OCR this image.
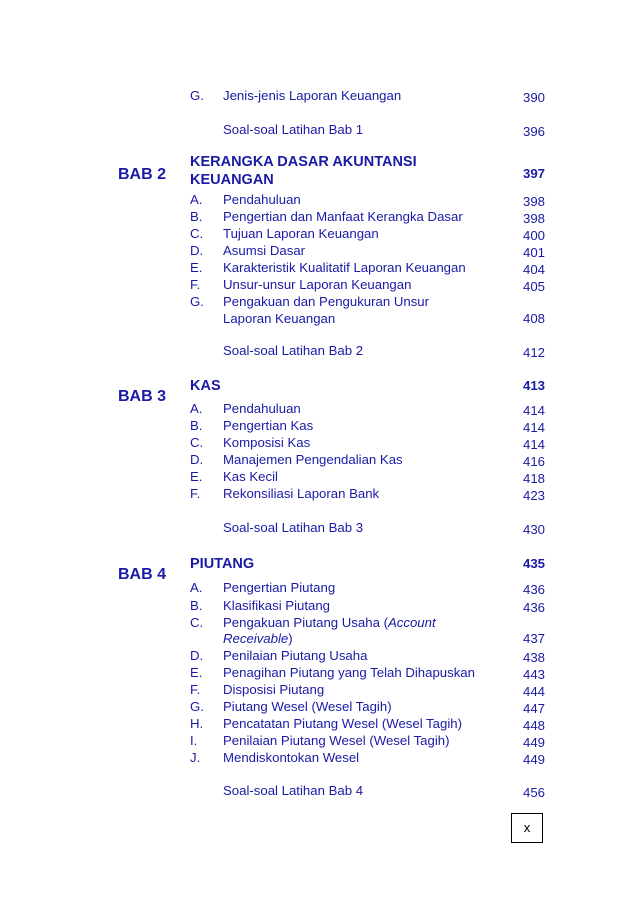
G. Jenis-jenis Laporan Keuangan	390
Soal-soal Latihan Bab 1	396
BAB 2
KERANGKA DASAR AKUNTANSI
KEUANGAN	397
A. Pendahuluan	398
B. Pengertian dan Manfaat Kerangka Dasar	398
C. Tujuan Laporan Keuangan	400
D. Asumsi Dasar	401
E. Karakteristik Kualitatif Laporan Keuangan	404
F. Unsur-unsur Laporan Keuangan	405
G. Pengakuan dan Pengukuran Unsur
Laporan Keuangan	408
Soal-soal Latihan Bab 2	412
BAB 3
KAS	413
A. Pendahuluan	414
B. Pengertian Kas	414
C. Komposisi Kas	414
D. Manajemen Pengendalian Kas	416
E. Kas Kecil	418
F. Rekonsiliasi Laporan Bank	423
Soal-soal Latihan Bab 3	430
BAB 4
PIUTANG	435
A. Pengertian Piutang	436
B. Klasifikasi Piutang	436
C. Pengakuan Piutang Usaha (Account
Receivable)	437
D. Penilaian Piutang Usaha	438
E. Penagihan Piutang yang Telah Dihapuskan	443
F. Disposisi Piutang	444
G. Piutang Wesel (Wesel Tagih)	447
H. Pencatatan Piutang Wesel (Wesel Tagih)	448
I. Penilaian Piutang Wesel (Wesel Tagih)	449
J. Mendiskontokan Wesel	449
Soal-soal Latihan Bab 4	456
x
